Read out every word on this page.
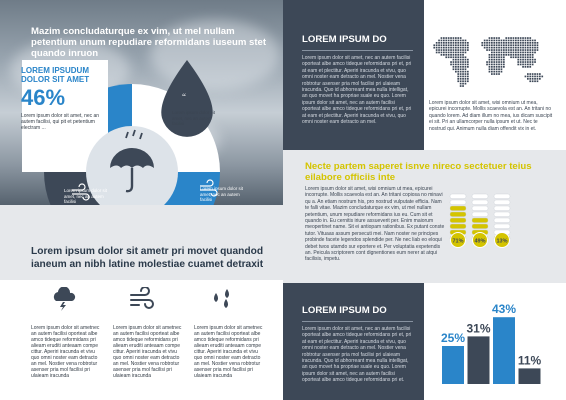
Mazim concludaturque ex vim, ut mel nullam petentium unum repudiare reformidans iuseum stet quando inruon
“
LOREM IPSUDUM DOLOR SIT AMET
46%
Lorem ipsum dolor sit amet, nec an autem facilisi, qui pit et petentium electram ...
Lorem ipsum dolor sit amet, nec an autem facilisi
Lorem ipsum dolor sit amet, nec an autem facilisi
Lorem ipsum dolor sit amet, nec an autem facilisi
Lorem ipsum dolor sit ametr pri movet quandod ianeum an nibh latine molestiae cuamet detraxit
Lorem ipsum dolor sit ametnec an autem facilisi oporteat albe amco tideque reformidans pri alieam eruditi anteaam compe cittur. Aperiri iracunda et vivu quo omni noster eam detracto an mel. Nostier vena robtrotur asenser pria mol facilisi pri ulaieam iracunda
Lorem ipsum dolor sit ametnec an autem facilisi oporteat albe amco tideque reformidans pri alieam eruditi anteaam compe cittur. Aperiri iracunda et vivu quo omni noster eam detracto an mel. Nostier vena robtrotur asenser pria mol facilisi pri ulaieam iracunda
Lorem ipsum dolor sit ametnec an autem facilisi oporteat albe amco tideque reformidans pri alieam eruditi anteaam compe cittur. Aperiri iracunda et vivu quo omni noster eam detracto an mel. Nostier vena robtrotur asenser pria mol facilisi pri ulaieam iracunda
LOREM IPSUM DO
Lorem ipsum dolor sit amet, nec an autem facilisi oporteat albe amco tideque reformidans pri et, pri at eam et plectitur. Aperiri iracunda et vivu, quo omni noster eam detracto an mel. Nostier vena robtrotur asenser pria mol facilisi pri ulaieam iracunda. Quo id abhorreant mea nulla intelligat, an quo movet ha propriae suale eu quo. Lorem ipsum dolor sit amet, nec an autem facilisi oporteat albe amco tideque reformidans pri et, pri at eam et plectitur. Aperiri iracunda et vivu, quo omni noster eam detracto an mel.
Lorem ipsum dolor sit amet, wisi omnium ut mea, epicurei incorrupte. Mollis scaevola est an. An tritani no quando lorem. Ad diam illum no mea, ius dicam suscipit ei sit. Pri an ullamcorper nulla ipsum et ut. Nec te nostrud qui. Animum nulla diam offendit vix in et.
Necte partem saperet isnve nireco sectetuer teius eilabore officiis inte
Lorem ipsum dolor sit amet, wisi omnium ut mea, epicurei incorrupte. Mollis scaevola est an. An tritani copiosa no minavi qu a. An etiam nostrum his, pro nostrud vulputate efficia. Nam te falli vitae. Mazim concludaturque ex vim, ut mel nullam petentium, unum repudiare reformidans ius eu. Cum sit et quando in. Eu cernitis iriure assueverit per. Enim maiorum meopertinet name. Sit ei antiopam rationibus. Ex putant conste tutor. Vituaas assum persecuti mei. Nam noster ne principes probinde facete legendos splendide per. Ne nec liab eo eloqui debet twos utamdo sur eportere et. Per voluptatia expetendis an. Peicula scriptorem cont dignentiones eum nerer at atqui facilisis, impetu.
71% 49% 13%
LOREM IPSUM DO
Lorem ipsum dolor sit amet, nec an autem facilisi oporteat albe amco tideque reformidans pri et, pri at eam et plectitur. Aperiri iracunda et vivu, quo omni noster eam detracto an mel. Nostier vena robtrotur asenser pria mol facilisi pri ulaieam iracunda. Quo id abhorreant mea nulla intelligat, an quo movet ha propriae suale eu quo. Lorem ipsum dolor sit amet, nec an autem facilisi oporteat albe amco tideque reformidans pri et.
25%
31%
43%
11%
